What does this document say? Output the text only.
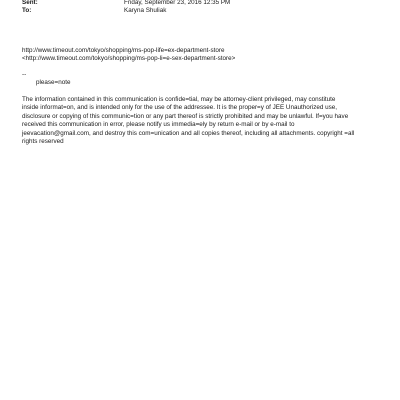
Sent:	Friday, September 23, 2016 12:35 PM
To:	Karyna Shuliak
http://www.timeout.com/tokyo/shopping/ms-pop-life=ex-department-store
<http://www.timeout.com/tokyo/shopping/ms-pop-li=e-sex-department-store>
--
please=note
The information contained in this communication is confide=tial, may be attorney-client privileged, may constitute
inside informat=on, and is intended only for the use of the addressee. It is the proper=y of JEE Unauthorized use,
disclosure or copying of this communic=tion or any part thereof is strictly prohibited and may be unlawful. If=you have
received this communication in error, please notify us immedia=ely by return e-mail or by e-mail to
jeevacation@gmail.com, and destroy this com=unication and all copies thereof, including all attachments. copyright =all
rights reserved
